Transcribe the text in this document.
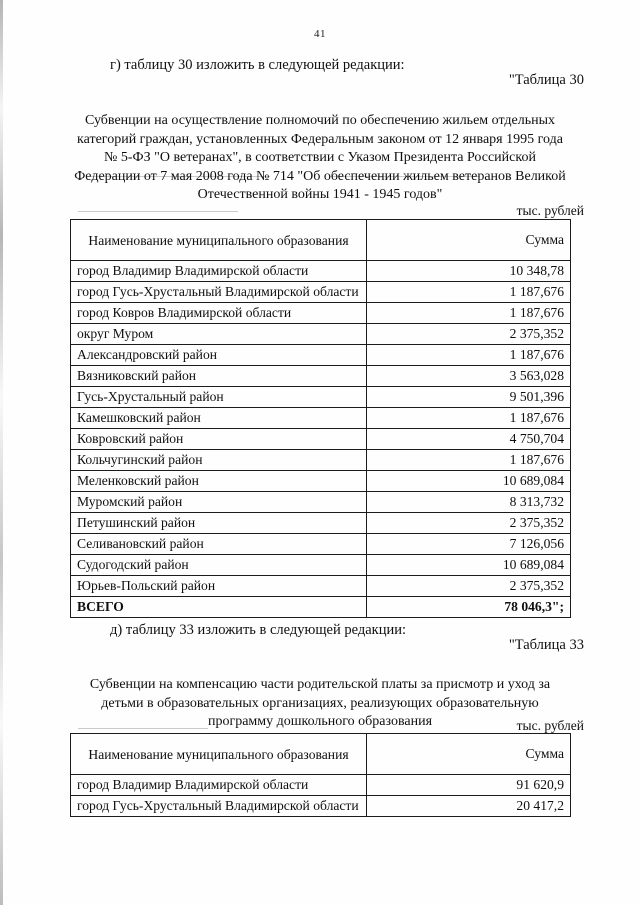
41
г) таблицу 30 изложить в следующей редакции:
"Таблица 30
Субвенции на осуществление полномочий по обеспечению жильем отдельных категорий граждан, установленных Федеральным законом от 12 января 1995 года № 5-ФЗ "О ветеранах", в соответствии с Указом Президента Российской Федерации от 7 мая 2008 года № 714 "Об обеспечении жильем ветеранов Великой Отечественной войны 1941 - 1945 годов"
тыс. рублей
Наименование муниципального образования	Сумма
город Владимир Владимирской области	10 348,78
город Гусь-Хрустальный Владимирской области	1 187,676
город Ковров Владимирской области	1 187,676
округ Муром	2 375,352
Александровский район	1 187,676
Вязниковский район	3 563,028
Гусь-Хрустальный район	9 501,396
Камешковский район	1 187,676
Ковровский район	4 750,704
Кольчугинский район	1 187,676
Меленковский район	10 689,084
Муромский район	8 313,732
Петушинский район	2 375,352
Селивановский район	7 126,056
Судогодский район	10 689,084
Юрьев-Польский район	2 375,352
ВСЕГО	78 046,3";
д) таблицу 33 изложить в следующей редакции:
"Таблица 33
Субвенции на компенсацию части родительской платы за присмотр и уход за детьми в образовательных организациях, реализующих образовательную программу дошкольного образования	тыс. рублей
Наименование муниципального образования	Сумма
город Владимир Владимирской области	91 620,9
город Гусь-Хрустальный Владимирской области	20 417,2
